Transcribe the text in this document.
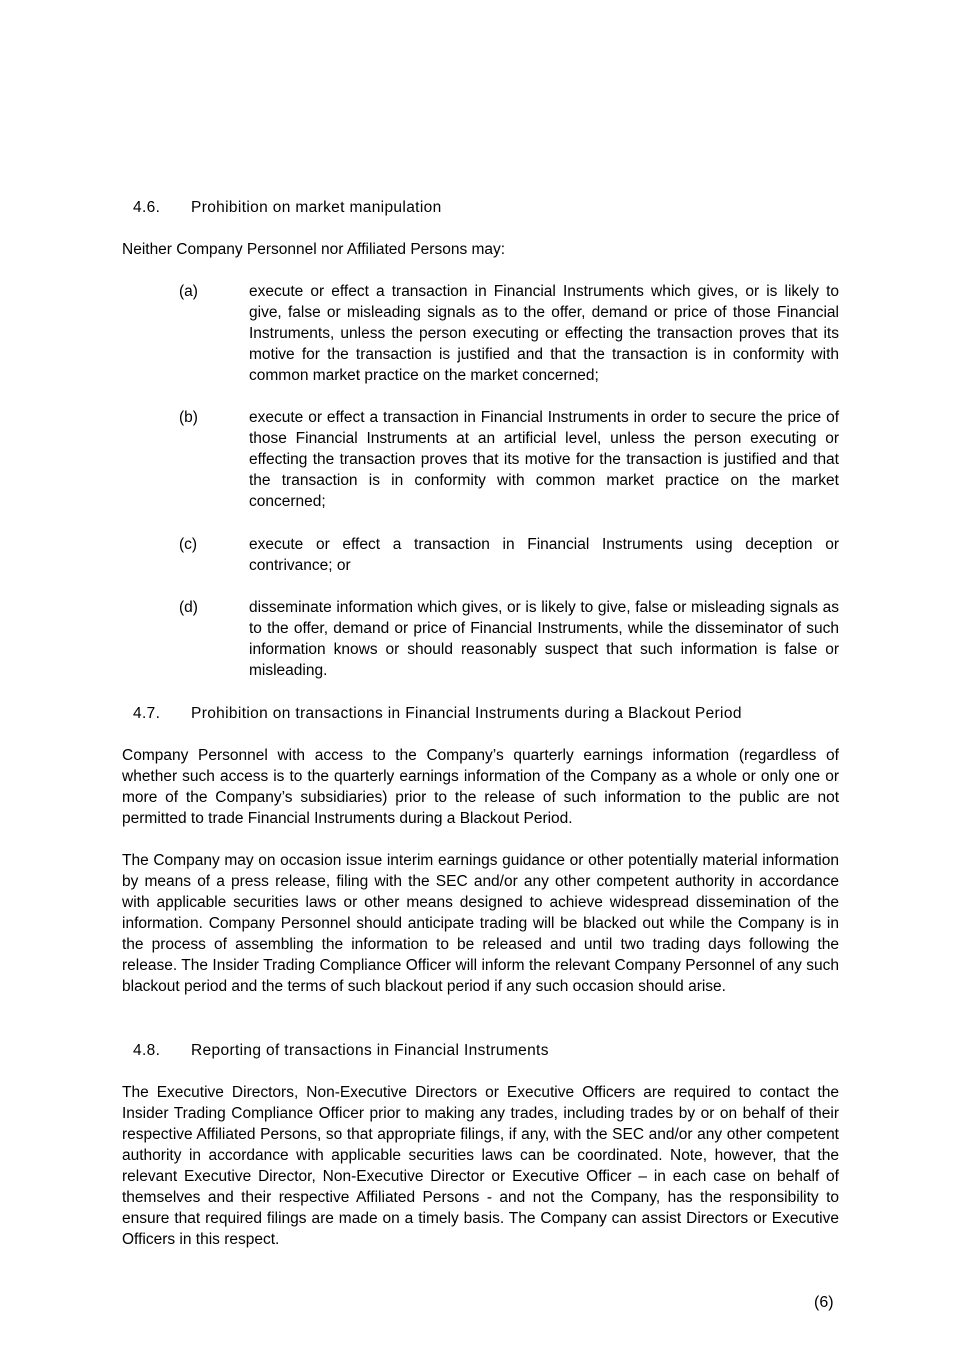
4.6. Prohibition on market manipulation
Neither Company Personnel nor Affiliated Persons may:
(a)	execute or effect a transaction in Financial Instruments which gives, or is likely to give, false or misleading signals as to the offer, demand or price of those Financial Instruments, unless the person executing or effecting the transaction proves that its motive for the transaction is justified and that the transaction is in conformity with common market practice on the market concerned;
(b)	execute or effect a transaction in Financial Instruments in order to secure the price of those Financial Instruments at an artificial level, unless the person executing or effecting the transaction proves that its motive for the transaction is justified and that the transaction is in conformity with common market practice on the market concerned;
(c)	execute or effect a transaction in Financial Instruments using deception or contrivance; or
(d)	disseminate information which gives, or is likely to give, false or misleading signals as to the offer, demand or price of Financial Instruments, while the disseminator of such information knows or should reasonably suspect that such information is false or misleading.
4.7. Prohibition on transactions in Financial Instruments during a Blackout Period
Company Personnel with access to the Company’s quarterly earnings information (regardless of whether such access is to the quarterly earnings information of the Company as a whole or only one or more of the Company’s subsidiaries) prior to the release of such information to the public are not permitted to trade Financial Instruments during a Blackout Period.
The Company may on occasion issue interim earnings guidance or other potentially material information by means of a press release, filing with the SEC and/or any other competent authority in accordance with applicable securities laws or other means designed to achieve widespread dissemination of the information. Company Personnel should anticipate trading will be blacked out while the Company is in the process of assembling the information to be released and until two trading days following the release. The Insider Trading Compliance Officer will inform the relevant Company Personnel of any such blackout period and the terms of such blackout period if any such occasion should arise.
4.8. Reporting of transactions in Financial Instruments
The Executive Directors, Non-Executive Directors or Executive Officers are required to contact the Insider Trading Compliance Officer prior to making any trades, including trades by or on behalf of their respective Affiliated Persons, so that appropriate filings, if any, with the SEC and/or any other competent authority in accordance with applicable securities laws can be coordinated. Note, however, that the relevant Executive Director, Non-Executive Director or Executive Officer – in each case on behalf of themselves and their respective Affiliated Persons - and not the Company, has the responsibility to ensure that required filings are made on a timely basis. The Company can assist Directors or Executive Officers in this respect.
(6)
